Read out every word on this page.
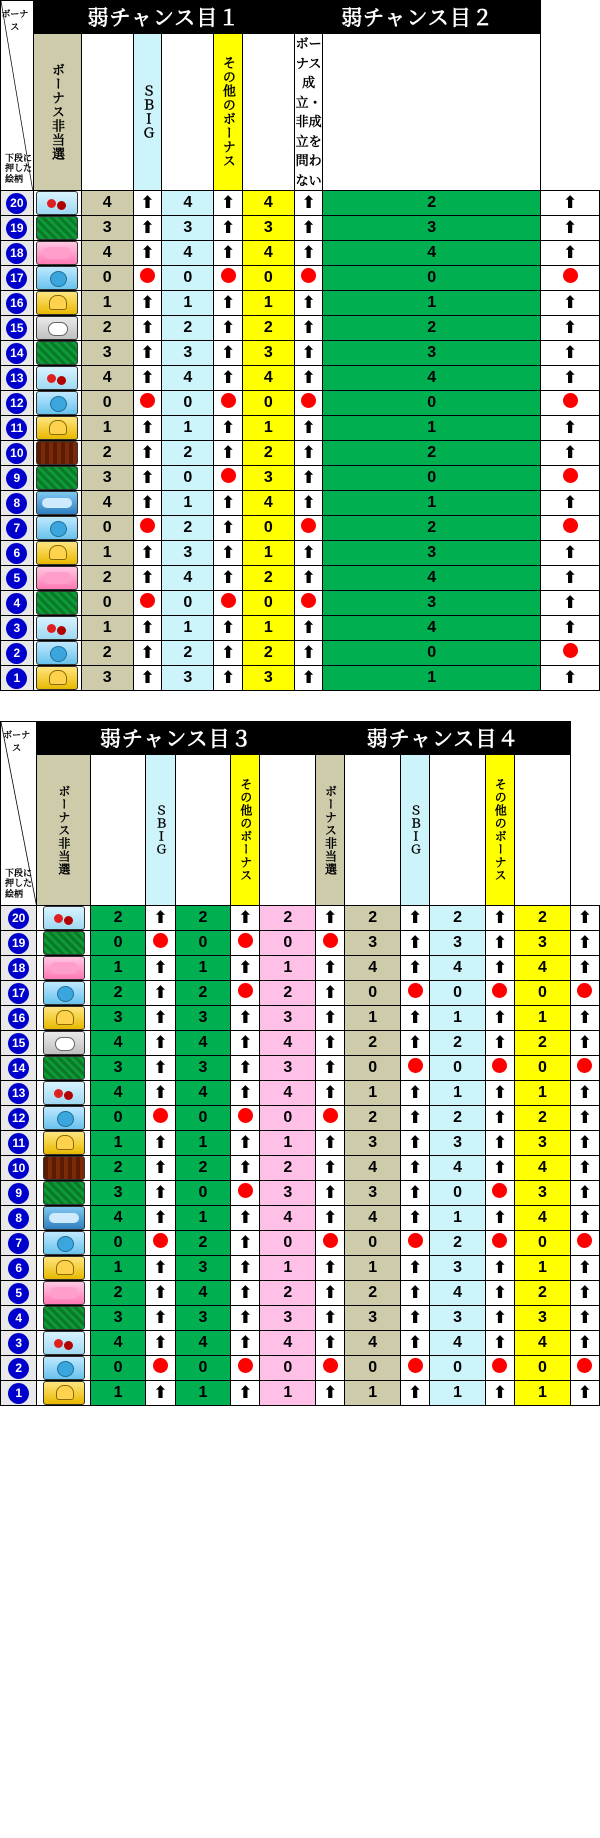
ボーナス
下段に
押した絵柄	弱チャンス目１						弱チャンス目２		

	ボーナス非当選		ＳＢＩＧ		その他のボーナス		ボーナス成立・
非成立を問わない		
20		4	⬆	4	⬆	4	⬆	2	⬆
19		3	⬆	3	⬆	3	⬆	3	⬆
18		4	⬆	4	⬆	4	⬆	4	⬆
17		0		0		0		0	
16		1	⬆	1	⬆	1	⬆	1	⬆
15		2	⬆	2	⬆	2	⬆	2	⬆
14		3	⬆	3	⬆	3	⬆	3	⬆
13		4	⬆	4	⬆	4	⬆	4	⬆
12		0		0		0		0	
11		1	⬆	1	⬆	1	⬆	1	⬆
10		2	⬆	2	⬆	2	⬆	2	⬆
9		3	⬆	0		3	⬆	0	
8		4	⬆	1	⬆	4	⬆	1	⬆
7		0		2	⬆	0		2	
6		1	⬆	3	⬆	1	⬆	3	⬆
5		2	⬆	4	⬆	2	⬆	4	⬆
4		0		0		0		3	⬆
3		1	⬆	1	⬆	1	⬆	4	⬆
2		2	⬆	2	⬆	2	⬆	0	
1		3	⬆	3	⬆	3	⬆	1	⬆
ボーナス
下段に
押した絵柄	弱チャンス目３						弱チャンス目４						

	ボーナス非当選		ＳＢＩＧ		その他のボーナス		ボーナス非当選		ＳＢＩＧ		その他のボーナス		

20		2	⬆	2	⬆	2	⬆	2	⬆	2	⬆	2	⬆
19		0		0		0		3	⬆	3	⬆	3	⬆
18		1	⬆	1	⬆	1	⬆	4	⬆	4	⬆	4	⬆
17		2	⬆	2		2	⬆	0		0		0	
16		3	⬆	3	⬆	3	⬆	1	⬆	1	⬆	1	⬆
15		4	⬆	4	⬆	4	⬆	2	⬆	2	⬆	2	⬆
14		3	⬆	3	⬆	3	⬆	0		0		0	
13		4	⬆	4	⬆	4	⬆	1	⬆	1	⬆	1	⬆
12		0		0		0		2	⬆	2	⬆	2	⬆
11		1	⬆	1	⬆	1	⬆	3	⬆	3	⬆	3	⬆
10		2	⬆	2	⬆	2	⬆	4	⬆	4	⬆	4	⬆
9		3	⬆	0		3	⬆	3	⬆	0		3	⬆
8		4	⬆	1	⬆	4	⬆	4	⬆	1	⬆	4	⬆
7		0		2	⬆	0		0		2		0	
6		1	⬆	3	⬆	1	⬆	1	⬆	3	⬆	1	⬆
5		2	⬆	4	⬆	2	⬆	2	⬆	4	⬆	2	⬆
4		3	⬆	3	⬆	3	⬆	3	⬆	3	⬆	3	⬆
3		4	⬆	4	⬆	4	⬆	4	⬆	4	⬆	4	⬆
2		0		0		0		0		0		0	
1		1	⬆	1	⬆	1	⬆	1	⬆	1	⬆	1	⬆
